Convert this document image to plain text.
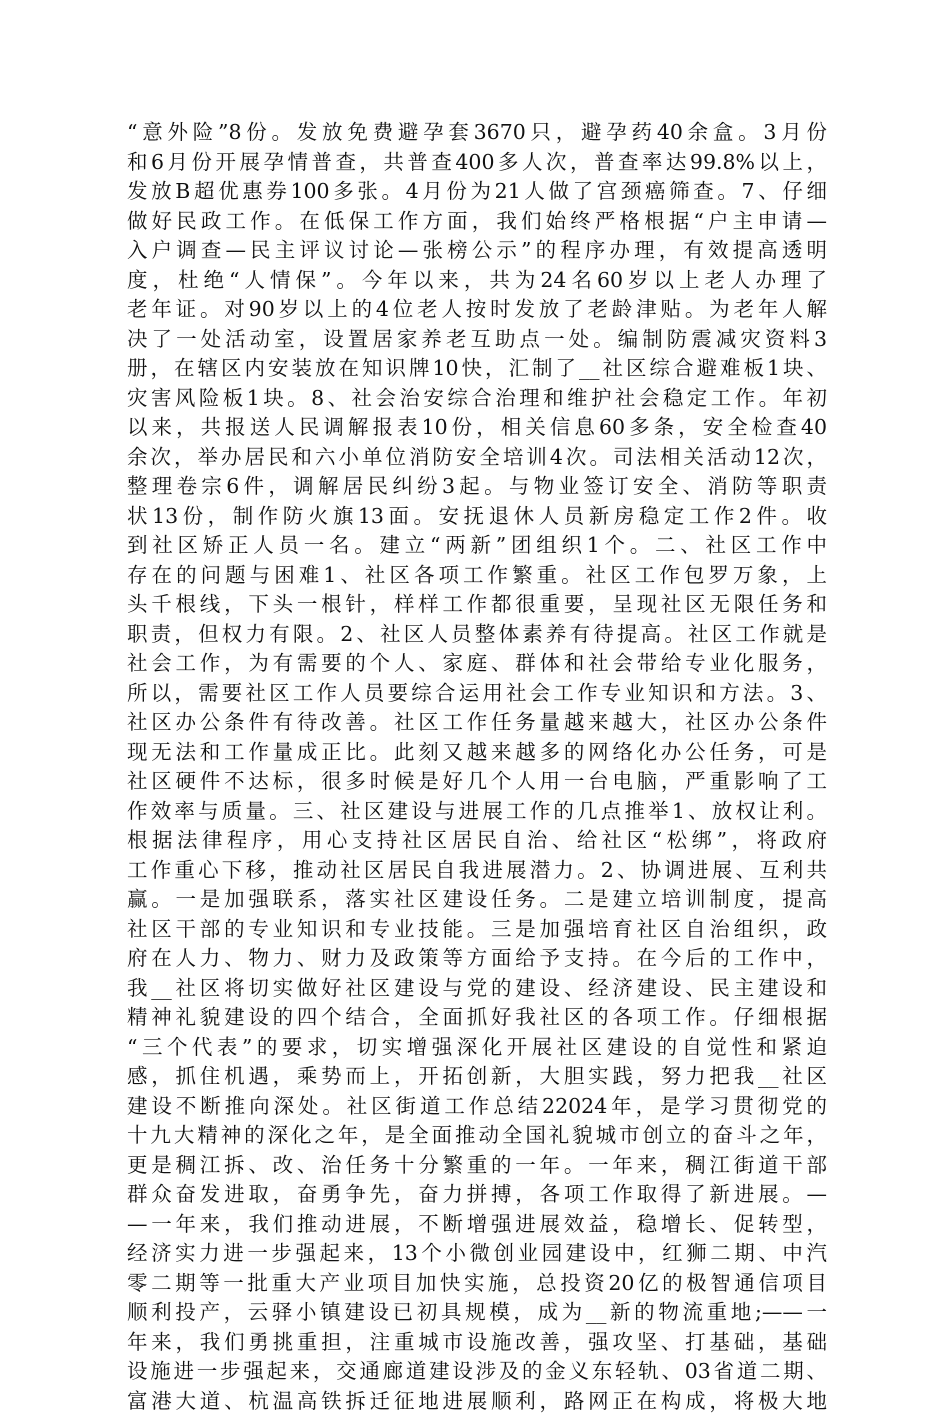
“意外险”8份。发放免费避孕套3670只，避孕药40余盒。3月份
和6月份开展孕情普查，共普查400多人次，普查率达99.8%以上，
发放B超优惠券100多张。4月份为21人做了宫颈癌筛查。7、仔细
做好民政工作。在低保工作方面，我们始终严格根据“户主申请—
入户调查—民主评议讨论—张榜公示”的程序办理，有效提高透明
度，杜绝“人情保”。今年以来，共为24名60岁以上老人办理了
老年证。对90岁以上的4位老人按时发放了老龄津贴。为老年人解
决了一处活动室，设置居家养老互助点一处。编制防震减灾资料3
册，在辖区内安装放在知识牌10快，汇制了__社区综合避难板1块、
灾害风险板1块。8、社会治安综合治理和维护社会稳定工作。年初
以来，共报送人民调解报表10份，相关信息60多条，安全检查40
余次，举办居民和六小单位消防安全培训4次。司法相关活动12次，
整理卷宗6件，调解居民纠纷3起。与物业签订安全、消防等职责
状13份，制作防火旗13面。安抚退休人员新房稳定工作2件。收
到社区矫正人员一名。建立“两新”团组织1个。二、社区工作中
存在的问题与困难1、社区各项工作繁重。社区工作包罗万象，上
头千根线，下头一根针，样样工作都很重要，呈现社区无限任务和
职责，但权力有限。2、社区人员整体素养有待提高。社区工作就是
社会工作，为有需要的个人、家庭、群体和社会带给专业化服务，
所以，需要社区工作人员要综合运用社会工作专业知识和方法。3、
社区办公条件有待改善。社区工作任务量越来越大，社区办公条件
现无法和工作量成正比。此刻又越来越多的网络化办公任务，可是
社区硬件不达标，很多时候是好几个人用一台电脑，严重影响了工
作效率与质量。三、社区建设与进展工作的几点推举1、放权让利。
根据法律程序，用心支持社区居民自治、给社区“松绑”，将政府
工作重心下移，推动社区居民自我进展潜力。2、协调进展、互利共
赢。一是加强联系，落实社区建设任务。二是建立培训制度，提高
社区干部的专业知识和专业技能。三是加强培育社区自治组织，政
府在人力、物力、财力及政策等方面给予支持。在今后的工作中，
我__社区将切实做好社区建设与党的建设、经济建设、民主建设和
精神礼貌建设的四个结合，全面抓好我社区的各项工作。仔细根据
“三个代表”的要求，切实增强深化开展社区建设的自觉性和紧迫
感，抓住机遇，乘势而上，开拓创新，大胆实践，努力把我__社区
建设不断推向深处。社区街道工作总结22024年，是学习贯彻党的
十九大精神的深化之年，是全面推动全国礼貌城市创立的奋斗之年，
更是稠江拆、改、治任务十分繁重的一年。一年来，稠江街道干部
群众奋发进取，奋勇争先，奋力拼搏，各项工作取得了新进展。—
—一年来，我们推动进展，不断增强进展效益，稳增长、促转型，
经济实力进一步强起来，13个小微创业园建设中，红狮二期、中汽
零二期等一批重大产业项目加快实施，总投资20亿的极智通信项目
顺利投产，云驿小镇建设已初具规模，成为__新的物流重地;——一
年来，我们勇挑重担，注重城市设施改善，强攻坚、打基础，基础
设施进一步强起来，交通廊道建设涉及的金义东轻轨、03省道二期、
富港大道、杭温高铁拆迁征地进展顺利，路网正在构成，将极大地
